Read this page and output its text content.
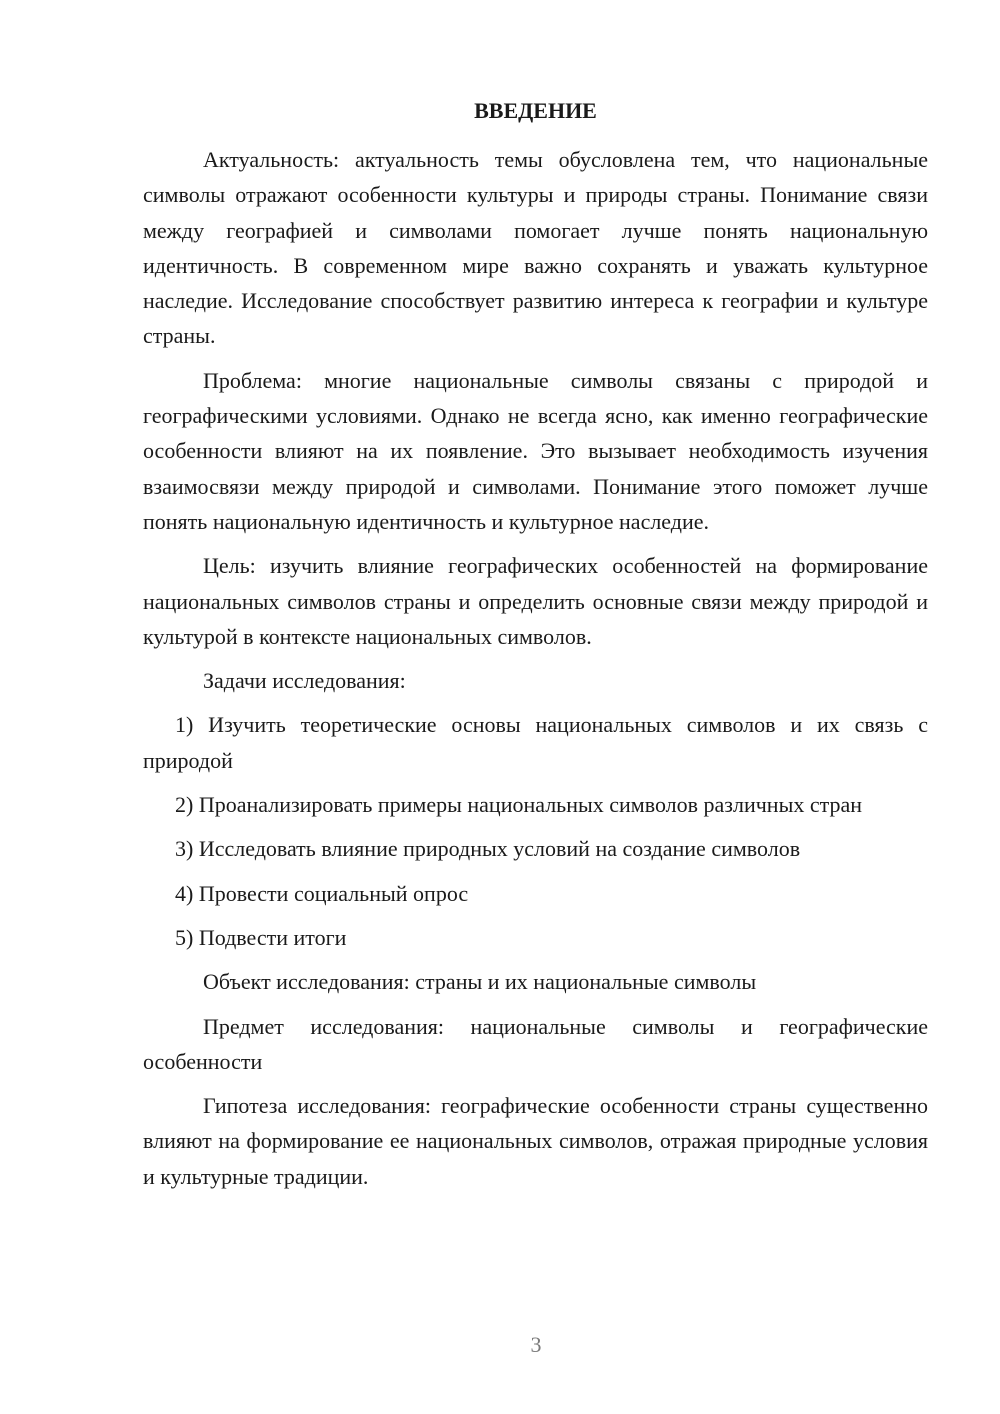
ВВЕДЕНИЕ

Актуальность: актуальность темы обусловлена тем, что национальные символы отражают особенности культуры и природы страны. Понимание связи между географией и символами помогает лучше понять национальную идентичность. В современном мире важно сохранять и уважать культурное наследие. Исследование способствует развитию интереса к географии и культуре страны.

Проблема: многие национальные символы связаны с природой и географическими условиями. Однако не всегда ясно, как именно географические особенности влияют на их появление. Это вызывает необходимость изучения взаимосвязи между природой и символами. Понимание этого поможет лучше понять национальную идентичность и культурное наследие.

Цель: изучить влияние географических особенностей на формирование национальных символов страны и определить основные связи между природой и культурой в контексте национальных символов.

Задачи исследования:

1) Изучить теоретические основы национальных символов и их связь с природой

2) Проанализировать примеры национальных символов различных стран

3) Исследовать влияние природных условий на создание символов

4) Провести социальный опрос

5) Подвести итоги

Объект исследования: страны и их национальные символы

Предмет исследования: национальные символы и географические особенности

Гипотеза исследования: географические особенности страны существенно влияют на формирование ее национальных символов, отражая природные условия и культурные традиции.

3
